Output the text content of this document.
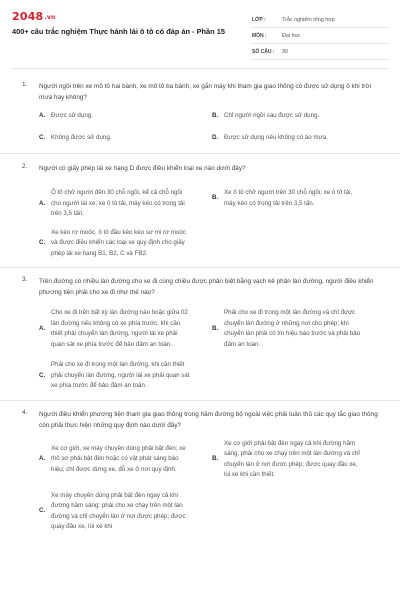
2048.vn
400+ câu trắc nghiệm Thực hành lái ô tô có đáp án - Phần 15
LỚP :	Trắc nghiệm tổng hợp
MÔN :	Đại học
SỐ CÂU :	30
1. Người ngồi trên xe mô tô hai bánh, xe mô tô ba bánh, xe gắn máy khi tham gia giao thông có được sử dụng ô khi trời mưa hay không?
A. Được sử dụng.	B. Chỉ người ngồi sau được sử dụng.
C. Không được sử dụng.	D. Được sử dụng nếu không có áo mưa.
2. Người có giấy phép lái xe hạng D được điều khiển loại xe nào dưới đây?
A.
Ô tô chở người đến 30 chỗ ngồi, kể cả chỗ ngồi cho người lái xe; xe ô tô tải, máy kéo có trọng tải trên 3,5 tấn.
B.
Xe ô tô chở người trên 30 chỗ ngồi; xe ô tô tải, máy kéo có trọng tải trên 3,5 tấn.
C.
Xe kéo rơ moóc, ô tô đầu kéo kéo sơ mi rơ moóc và được điều khiển các loại xe quy định cho giấy phép lái xe hạng B1, B2, C và FB2.
3. Trên đường có nhiều làn đường cho xe đi cùng chiều được phân biệt bằng vạch kẻ phân làn đường, người điều khiển phương tiện phải cho xe đi như thế nào?
A.
Cho xe đi trên bất kỳ làn đường nào hoặc giữa 02 làn đường nếu không có xe phía trước; khi cần thiết phải chuyển làn đường, người lái xe phải quan sát xe phía trước để bảo đảm an toàn.
B.
Phải cho xe đi trong một làn đường và chỉ được chuyển làn đường ở những nơi cho phép; khi chuyển làn phải có tín hiệu báo trước và phải bảo đảm an toàn.
C.
Phải cho xe đi trong một làn đường, khi cần thiết phải chuyển làn đường, người lái xe phải quan sát xe phía trước để bảo đảm an toàn.
4. Người điều khiển phương tiện tham gia giao thông trong hầm đường bộ ngoài việc phải tuân thủ các quy tắc giao thông còn phải thực hiện những quy định nào dưới đây?
A.
Xe cơ giới, xe máy chuyên dùng phải bật đèn; xe thô sơ phải bật đèn hoặc có vật phát sáng báo hiệu; chỉ được dừng xe, đỗ xe ở nơi quy định.
B.
Xe cơ giới phải bật đèn ngay cả khi đường hầm sáng; phải cho xe chạy trên một làn đường và chỉ chuyển làn ở nơi được phép; được quay đầu xe, lùi xe khi cần thiết.
C.
Xe máy chuyên dùng phải bật đèn ngay cả khi đường hầm sáng; phải cho xe chạy trên một làn đường và chỉ chuyển làn ở nơi được phép; được quay đầu xe, lùi xe khi
